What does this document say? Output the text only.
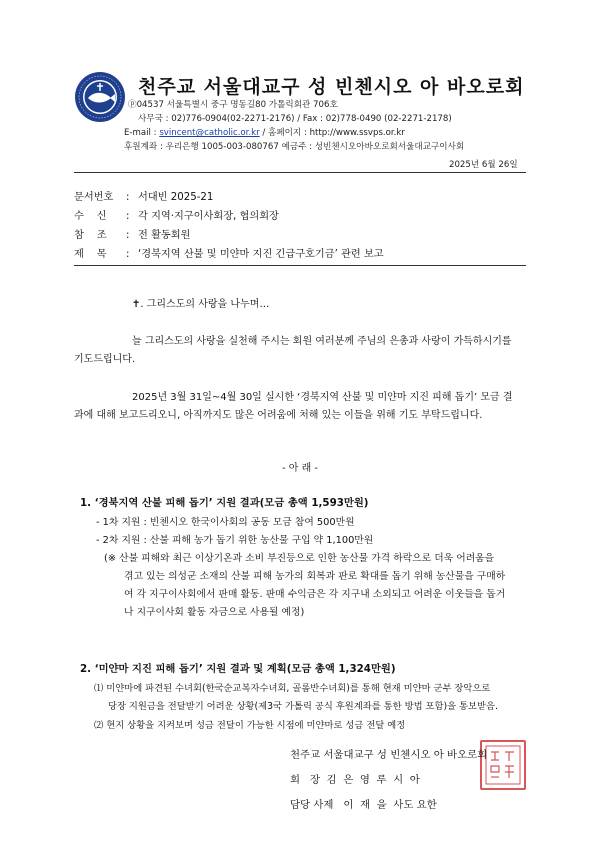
천주교 서울대교구 성 빈첸시오 아 바오로회
ⓟ04537 서울특별시 중구 명동길80 가톨릭회관 706호
사무국 : 02)776-0904(02-2271-2176) / Fax : 02)778-0490 (02-2271-2178)
E-mail : svincent@catholic.or.kr / 홈페이지 : http://www.ssvps.or.kr
후원계좌 : 우리은행 1005-003-080767 예금주 : 성빈첸시오아바오로회서울대교구이사회
2025년 6월 26일
문서번호 : 서대빈 2025-21
수    신 : 각 지역·지구이사회장, 협의회장
참    조 : 전 활동회원
제    목 : ‘경북지역 산불 및 미얀마 지진 긴급구호기금’ 관련 보고
✝. 그리스도의 사랑을 나누며…
늘 그리스도의 사랑을 실천해 주시는 회원 여러분께 주님의 은총과 사랑이 가득하시기를
기도드립니다.
2025년 3월 31일~4월 30일 실시한 ‘경북지역 산불 및 미얀마 지진 피해 돕기’ 모금 결
과에 대해 보고드리오니, 아직까지도 많은 어려움에 처해 있는 이들을 위해 기도 부탁드립니다.
- 아 래 -
1. ‘경북지역 산불 피해 돕기’ 지원 결과(모금 총액 1,593만원)
- 1차 지원 : 빈첸시오 한국이사회의 공동 모금 참여 500만원
- 2차 지원 : 산불 피해 농가 돕기 위한 농산물 구입 약 1,100만원
(※ 산불 피해와 최근 이상기온과 소비 부진등으로 인한 농산물 가격 하락으로 더욱 어려움을
겪고 있는 의성군 소재의 산불 피해 농가의 회복과 판로 확대를 돕기 위해 농산물을 구매하
여 각 지구이사회에서 판매 활동. 판매 수익금은 각 지구내 소외되고 어려운 이웃들을 돕거
나 지구이사회 활동 자금으로 사용될 예정)
2. ‘미얀마 지진 피해 돕기’ 지원 결과 및 계획(모금 총액 1,324만원)
⑴ 미얀마에 파견된 수녀회(한국순교복자수녀회, 골롬반수녀회)를 통해 현재 미얀마 군부 장악으로
당장 지원금을 전달받기 어려운 상황(제3국 가톨릭 공식 후원계좌를 통한 방법 포함)을 통보받음.
⑵ 현지 상황을 지켜보며 성금 전달이 가능한 시점에 미얀마로 성금 전달 예정
천주교 서울대교구 성 빈첸시오 아 바오로회
회   장  김  은  영  루  시  아
담당 사제   이  재  을  사도 요한
